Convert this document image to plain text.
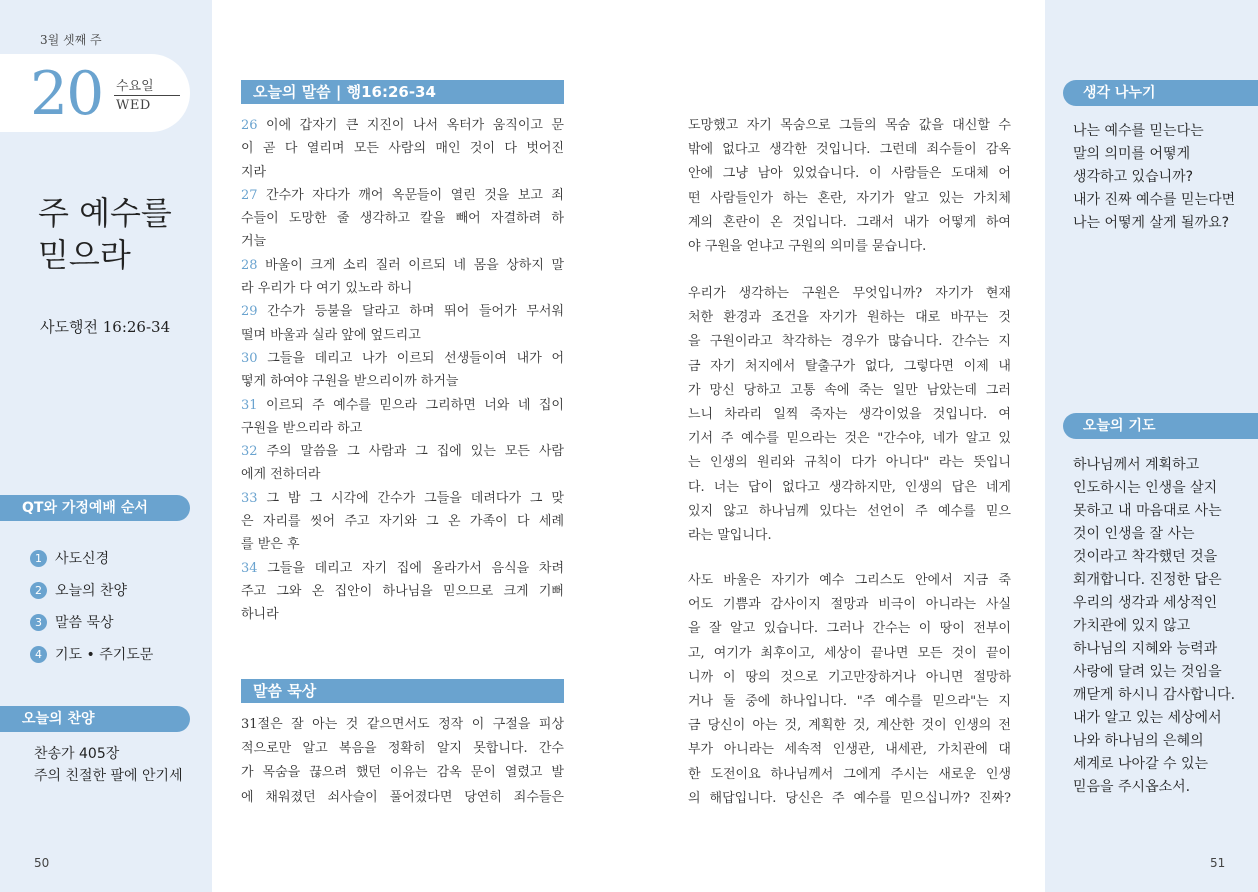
3월 셋째 주
20 수요일
WED
주 예수를
믿으라
사도행전 16:26-34
QT와 가정예배 순서
1 사도신경
2 오늘의 찬양
3 말씀 묵상
4 기도 • 주기도문
오늘의 찬양
찬송가 405장
주의 친절한 팔에 안기세
50
오늘의 말씀 | 행16:26-34
26 이에 갑자기 큰 지진이 나서 옥터가 움직이고 문
이 곧 다 열리며 모든 사람의 매인 것이 다 벗어진
지라
27 간수가 자다가 깨어 옥문들이 열린 것을 보고 죄
수들이 도망한 줄 생각하고 칼을 빼어 자결하려 하
거늘
28 바울이 크게 소리 질러 이르되 네 몸을 상하지 말
라 우리가 다 여기 있노라 하니
29 간수가 등불을 달라고 하며 뛰어 들어가 무서워
떨며 바울과 실라 앞에 엎드리고
30 그들을 데리고 나가 이르되 선생들이여 내가 어
떻게 하여야 구원을 받으리이까 하거늘
31 이르되 주 예수를 믿으라 그리하면 너와 네 집이
구원을 받으리라 하고
32 주의 말씀을 그 사람과 그 집에 있는 모든 사람
에게 전하더라
33 그 밤 그 시각에 간수가 그들을 데려다가 그 맞
은 자리를 씻어 주고 자기와 그 온 가족이 다 세례
를 받은 후
34 그들을 데리고 자기 집에 올라가서 음식을 차려
주고 그와 온 집안이 하나님을 믿으므로 크게 기뻐
하니라
말씀 묵상
31절은 잘 아는 것 같으면서도 정작 이 구절을 피상
적으로만 알고 복음을 정확히 알지 못합니다. 간수
가 목숨을 끊으려 했던 이유는 감옥 문이 열렸고 발
에 채워졌던 쇠사슬이 풀어졌다면 당연히 죄수들은
도망했고 자기 목숨으로 그들의 목숨 값을 대신할 수
밖에 없다고 생각한 것입니다. 그런데 죄수들이 감옥
안에 그냥 남아 있었습니다. 이 사람들은 도대체 어
떤 사람들인가 하는 혼란, 자기가 알고 있는 가치체
계의 혼란이 온 것입니다. 그래서 내가 어떻게 하여
야 구원을 얻냐고 구원의 의미를 묻습니다.
우리가 생각하는 구원은 무엇입니까? 자기가 현재
처한 환경과 조건을 자기가 원하는 대로 바꾸는 것
을 구원이라고 착각하는 경우가 많습니다. 간수는 지
금 자기 처지에서 탈출구가 없다, 그렇다면 이제 내
가 망신 당하고 고통 속에 죽는 일만 남았는데 그러
느니 차라리 일찍 죽자는 생각이었을 것입니다. 여
기서 주 예수를 믿으라는 것은 "간수야, 네가 알고 있
는 인생의 원리와 규칙이 다가 아니다" 라는 뜻입니
다. 너는 답이 없다고 생각하지만, 인생의 답은 네게
있지 않고 하나님께 있다는 선언이 주 예수를 믿으
라는 말입니다.
사도 바울은 자기가 예수 그리스도 안에서 지금 죽
어도 기쁨과 감사이지 절망과 비극이 아니라는 사실
을 잘 알고 있습니다. 그러나 간수는 이 땅이 전부이
고, 여기가 최후이고, 세상이 끝나면 모든 것이 끝이
니까 이 땅의 것으로 기고만장하거나 아니면 절망하
거나 둘 중에 하나입니다. "주 예수를 믿으라"는 지
금 당신이 아는 것, 계획한 것, 계산한 것이 인생의 전
부가 아니라는 세속적 인생관, 내세관, 가치관에 대
한 도전이요 하나님께서 그에게 주시는 새로운 인생
의 해답입니다. 당신은 주 예수를 믿으십니까? 진짜?
생각 나누기
나는 예수를 믿는다는
말의 의미를 어떻게
생각하고 있습니까?
내가 진짜 예수를 믿는다면
나는 어떻게 살게 될까요?
오늘의 기도
하나님께서 계획하고
인도하시는 인생을 살지
못하고 내 마음대로 사는
것이 인생을 잘 사는
것이라고 착각했던 것을
회개합니다. 진정한 답은
우리의 생각과 세상적인
가치관에 있지 않고
하나님의 지혜와 능력과
사랑에 달려 있는 것임을
깨닫게 하시니 감사합니다.
내가 알고 있는 세상에서
나와 하나님의 은혜의
세계로 나아갈 수 있는
믿음을 주시옵소서.
51
